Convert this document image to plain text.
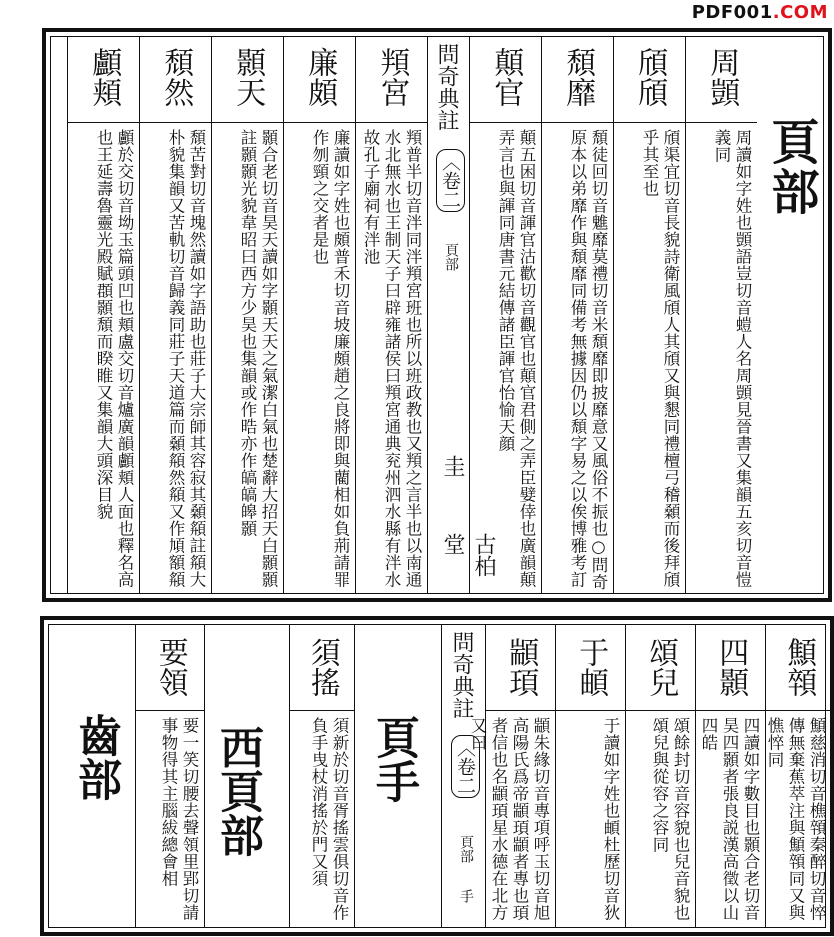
PDF001.COM
頁部
周顗
周讀如字姓也顗語豈切音螘人名周顗見晉書又集韻五亥切音愷義同
頎頎
頎渠宜切音長貌詩衛風頎人其頎又與懇同禮檀弓稽顙而後拜頎乎其至也
頹靡
頹徒回切音魋靡莫禮切音米頹靡即披靡意又風俗不振也○問奇原本以弟靡作與頹靡同備考無據因仍以頹字易之以俟博雅考訂
顛官
顛五困切音諢官沽歡切音觀官也顛官君側之弄臣嬖倖也廣韻顛弄言也與諢同唐書元結傳諸臣諢官怡愉天顔
問奇典註
〈卷二
頁部
圭
古柏堂
頖宮
頖普半切音泮同泮頖宮班也所以班政教也又頖之言半也以南通水北無水也王制天子曰辟雍諸侯曰頖宮通典兖州泗水縣有泮水故孔子廟祠有泮池
廉頗
廉讀如字姓也頗普禾切音坡廉頗趙之良將即與藺相如負荊請罪作刎頸之交者是也
顥天
顥合老切音昊天讀如字顥天天之氣潔白氣也楚辭大招天白顥顥註顥顥光貌韋昭曰西方少昊也集韻或作晧亦作皜皜皞顥
頹然
頹苦對切音塊然讀如字語助也莊子大宗師其容寂其顙頯註頯大朴貌集韻又苦軌切音歸義同莊子天道篇而顙頯然頯又作頄額頯
顱頬
顱於交切音坳玉篇頭凹也頬盧交切音爐廣韻顱頬人面也釋名高也王延壽魯靈光殿賦頵顥頹而睽睢又集韻大頭深目貌
顦顇
顦慈消切音樵顇秦醉切音悴傳無棄蕉萃注與顦顇同又與憔悴同
四顥
四讀如字數目也顥合老切音昊四顥者張良説漢高徵以山四皓
頌兒
頌餘封切音容貌也兒音貌也頌兒與從容之容同
于頔
于讀如字姓也頔杜歷切音狄
顓頊
顓朱緣切音專項呼玉切音旭高陽氏爲帝顓頊顓者專也頊者信也名顓頊星水德在北方又曰
問奇典註
〈卷二
頁部
手
頁手
須搖
須新於切音胥搖雲俱切音作負手曳杖消搖於門又須
西頁部
要領
要一笑切腰去聲領里郢切請事物得其主腦紱總會相
齒部
